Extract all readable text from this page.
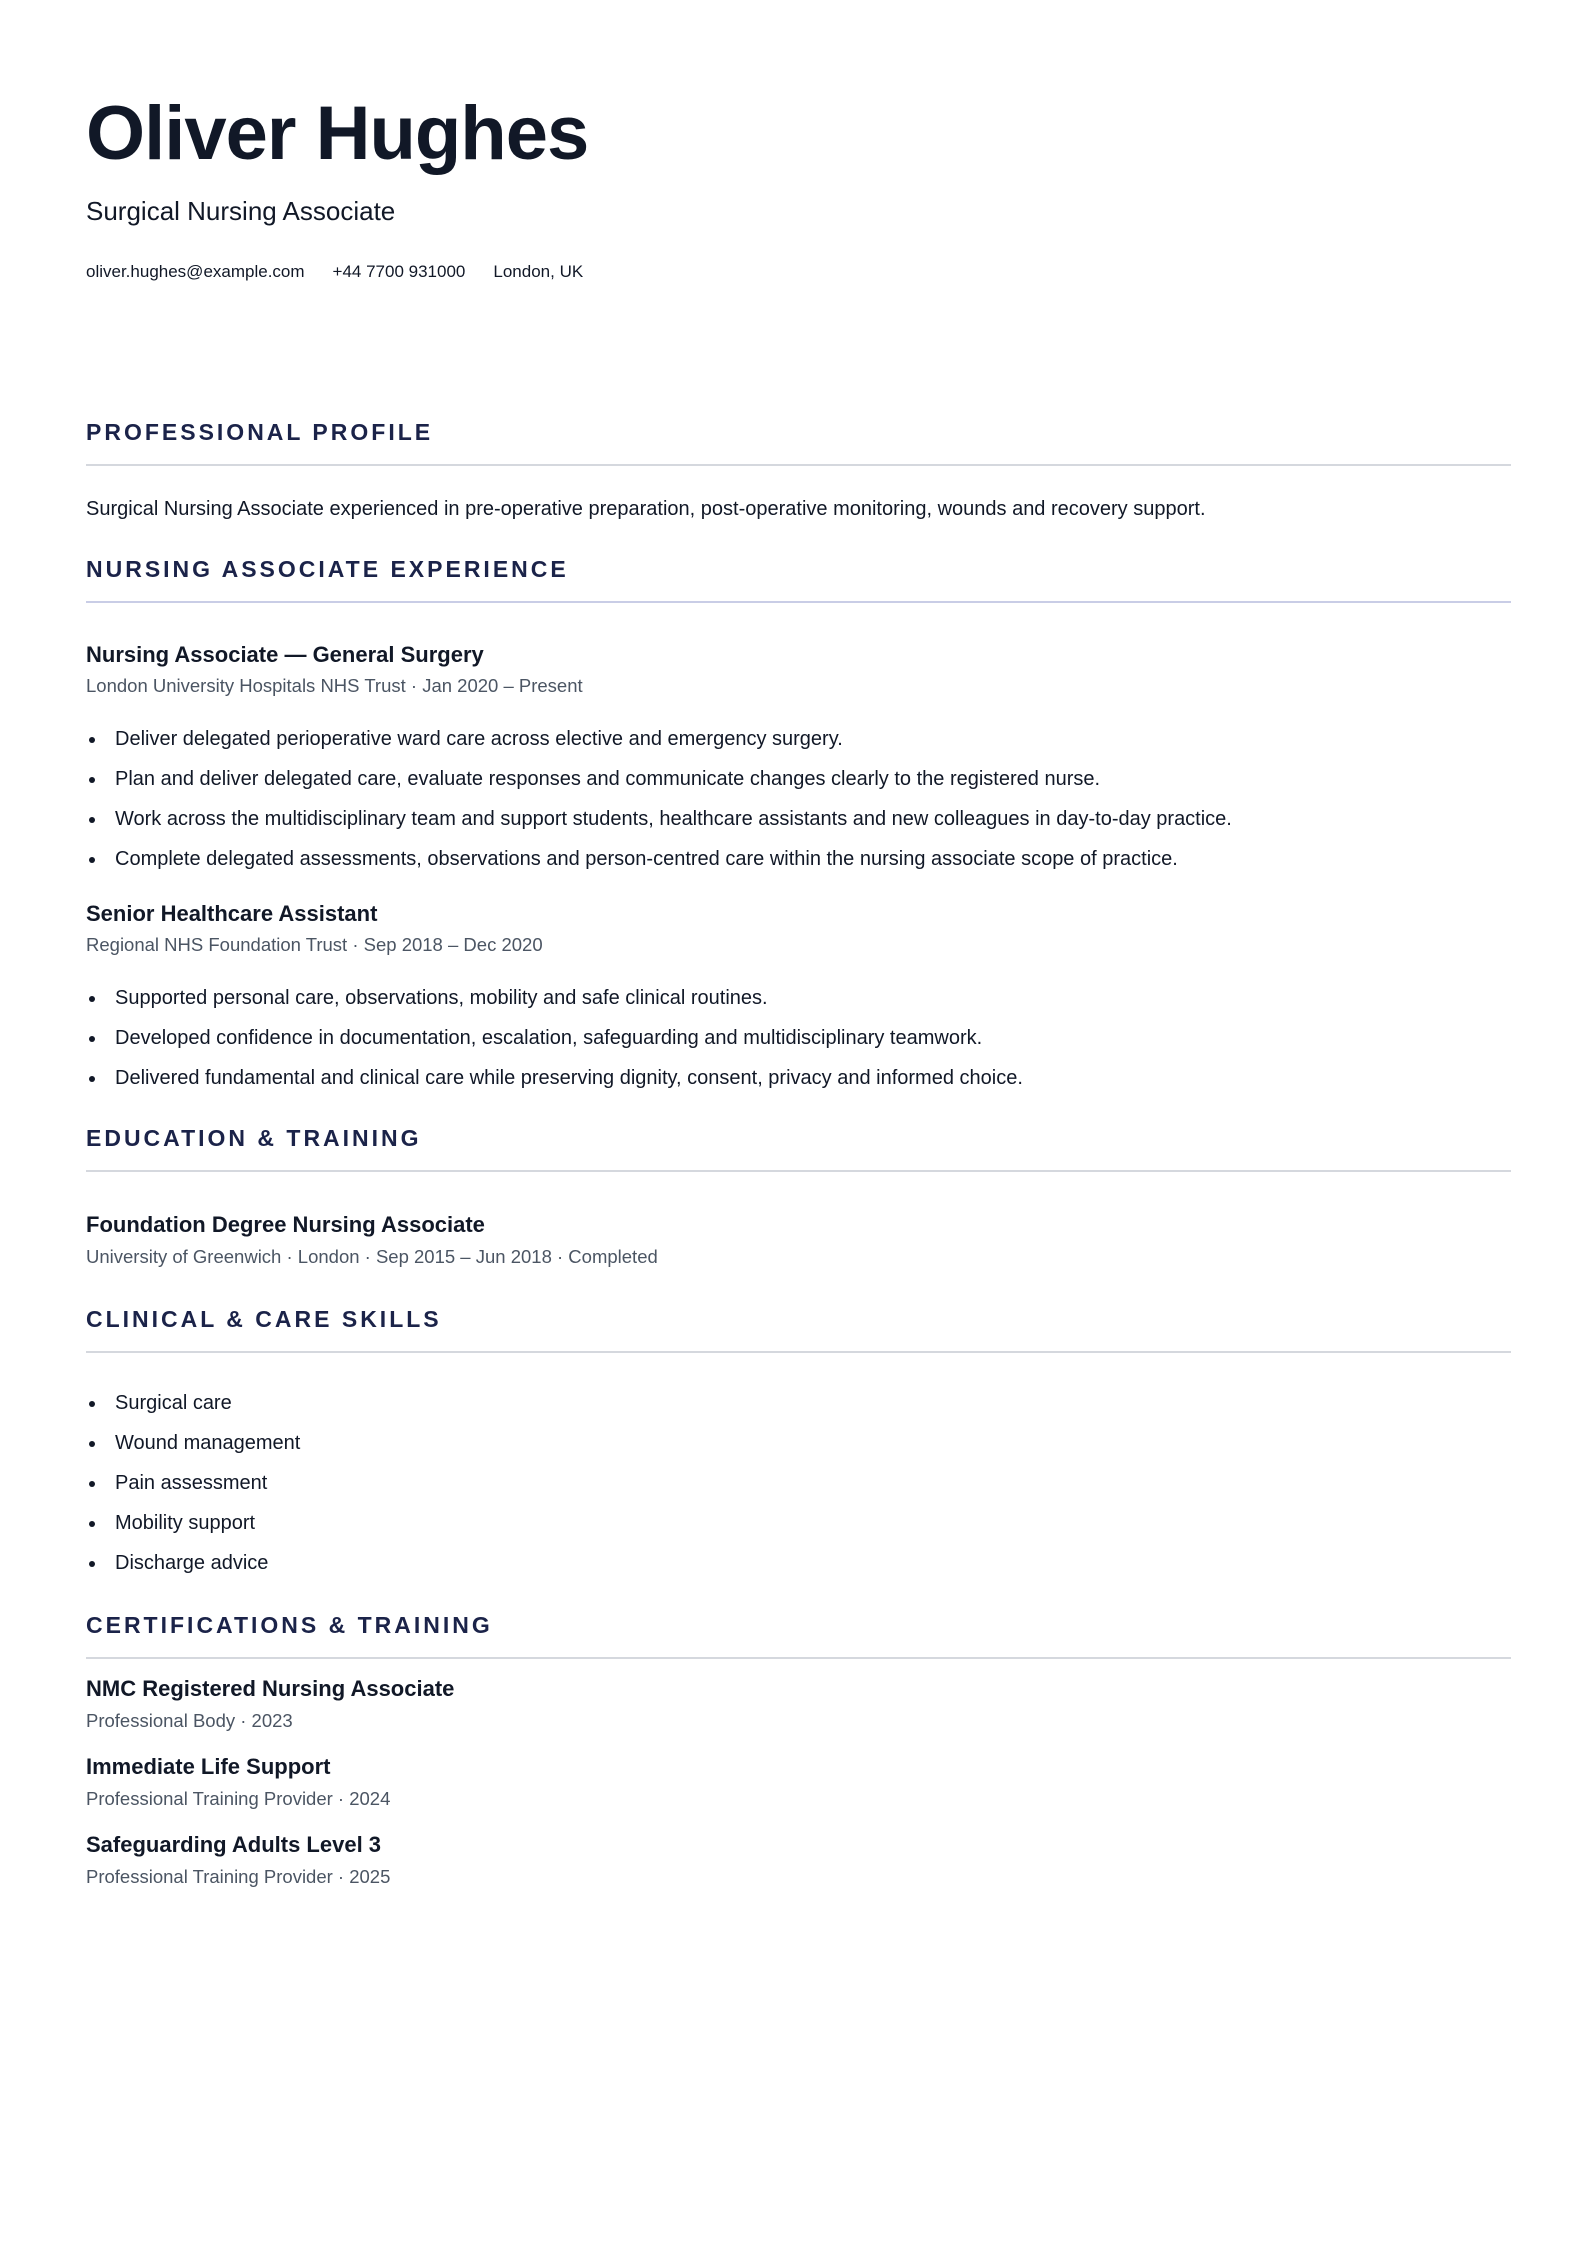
Oliver Hughes

Surgical Nursing Associate

oliver.hughes@example.com +44 7700 931000 London, UK
PROFESSIONAL PROFILE

Surgical Nursing Associate experienced in pre-operative preparation, post-operative monitoring, wounds and recovery support.

NURSING ASSOCIATE EXPERIENCE

Nursing Associate — General Surgery

London University Hospitals NHS Trust · Jan 2020 – Present

Deliver delegated perioperative ward care across elective and emergency surgery.
Plan and deliver delegated care, evaluate responses and communicate changes clearly to the registered nurse.
Work across the multidisciplinary team and support students, healthcare assistants and new colleagues in day-to-day practice.
Complete delegated assessments, observations and person-centred care within the nursing associate scope of practice.

Senior Healthcare Assistant

Regional NHS Foundation Trust · Sep 2018 – Dec 2020

Supported personal care, observations, mobility and safe clinical routines.
Developed confidence in documentation, escalation, safeguarding and multidisciplinary teamwork.
Delivered fundamental and clinical care while preserving dignity, consent, privacy and informed choice.
EDUCATION & TRAINING

Foundation Degree Nursing Associate

University of Greenwich · London · Sep 2015 – Jun 2018 · Completed

CLINICAL & CARE SKILLS
Surgical care
Wound management
Pain assessment
Mobility support
Discharge advice
CERTIFICATIONS & TRAINING

NMC Registered Nursing Associate

Professional Body · 2023

Immediate Life Support

Professional Training Provider · 2024

Safeguarding Adults Level 3

Professional Training Provider · 2025
